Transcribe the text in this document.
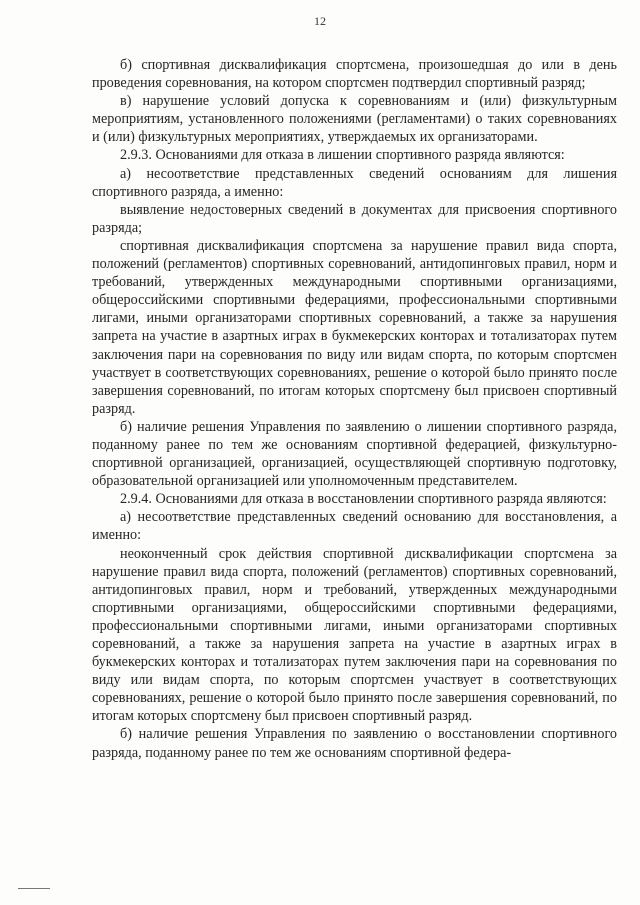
12

б) спортивная дисквалификация спортсмена, произошедшая до или в день проведения соревнования, на котором спортсмен подтвердил спортивный разряд;

в) нарушение условий допуска к соревнованиям и (или) физкультурным мероприятиям, установленного положениями (регламентами) о таких соревнованиях и (или) физкультурных мероприятиях, утверждаемых их организаторами.

2.9.3. Основаниями для отказа в лишении спортивного разряда являются:

а) несоответствие представленных сведений основаниям для лишения спортивного разряда, а именно:

выявление недостоверных сведений в документах для присвоения спортивного разряда;

спортивная дисквалификация спортсмена за нарушение правил вида спорта, положений (регламентов) спортивных соревнований, антидопинговых правил, норм и требований, утвержденных международными спортивными организациями, общероссийскими спортивными федерациями, профессиональными спортивными лигами, иными организаторами спортивных соревнований, а также за нарушения запрета на участие в азартных играх в букмекерских конторах и тотализаторах путем заключения пари на соревнования по виду или видам спорта, по которым спортсмен участвует в соответствующих соревнованиях, решение о которой было принято после завершения соревнований, по итогам которых спортсмену был присвоен спортивный разряд.

б) наличие решения Управления по заявлению о лишении спортивного разряда, поданному ранее по тем же основаниям спортивной федерацией, физкультурно-спортивной организацией, организацией, осуществляющей спортивную подготовку, образовательной организацией или уполномоченным представителем.

2.9.4. Основаниями для отказа в восстановлении спортивного разряда являются:

а) несоответствие представленных сведений основанию для восстановления, а именно:

неоконченный срок действия спортивной дисквалификации спортсмена за нарушение правил вида спорта, положений (регламентов) спортивных соревнований, антидопинговых правил, норм и требований, утвержденных международными спортивными организациями, общероссийскими спортивными федерациями, профессиональными спортивными лигами, иными организаторами спортивных соревнований, а также за нарушения запрета на участие в азартных играх в букмекерских конторах и тотализаторах путем заключения пари на соревнования по виду или видам спорта, по которым спортсмен участвует в соответствующих соревнованиях, решение о которой было принято после завершения соревнований, по итогам которых спортсмену был присвоен спортивный разряд.

б) наличие решения Управления по заявлению о восстановлении спортивного разряда, поданному ранее по тем же основаниям спортивной федера-
